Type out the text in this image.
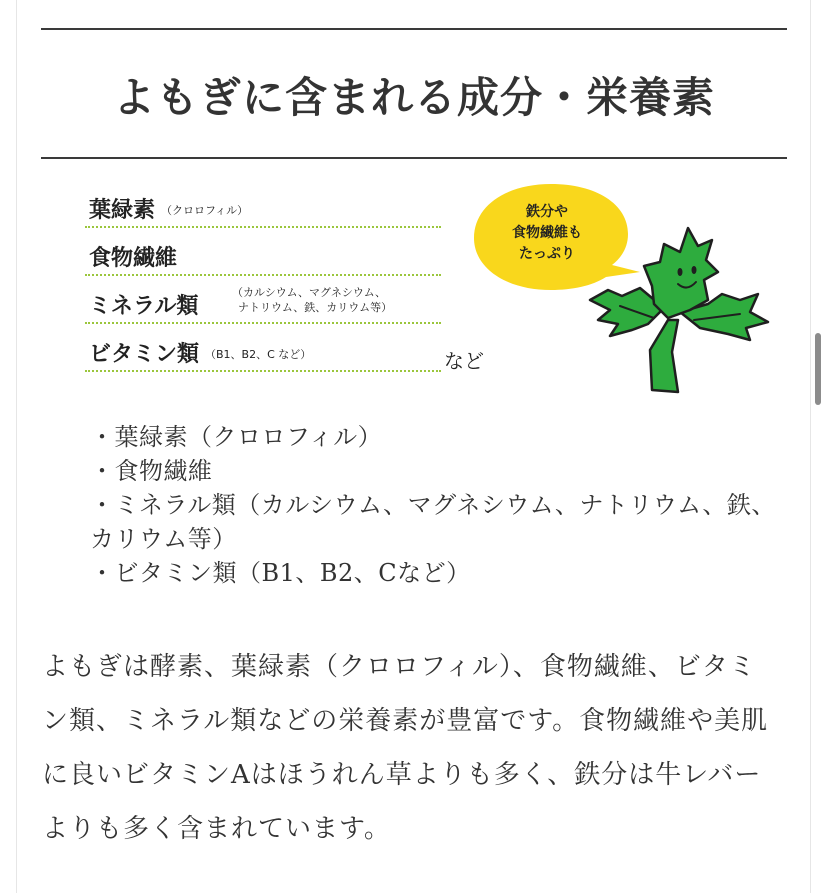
よもぎに含まれる成分・栄養素
葉緑素 （クロロフィル）
食物繊維
ミネラル類
（カルシウム、マグネシウム、
ナトリウム、鉄、カリウム等）
ビタミン類 （B1、B2、C など）	など
鉄分や
食物繊維も
たっぷり
・葉緑素（クロロフィル）
・食物繊維
・ミネラル類（カルシウム、マグネシウム、ナトリウム、鉄、カリウム等）
・ビタミン類（B1、B2、Cなど）

よもぎは酵素、葉緑素（クロロフィル）、食物繊維、ビタミン類、ミネラル類などの栄養素が豊富です。食物繊維や美肌に良いビタミンAはほうれん草よりも多く、鉄分は牛レバーよりも多く含まれています。
